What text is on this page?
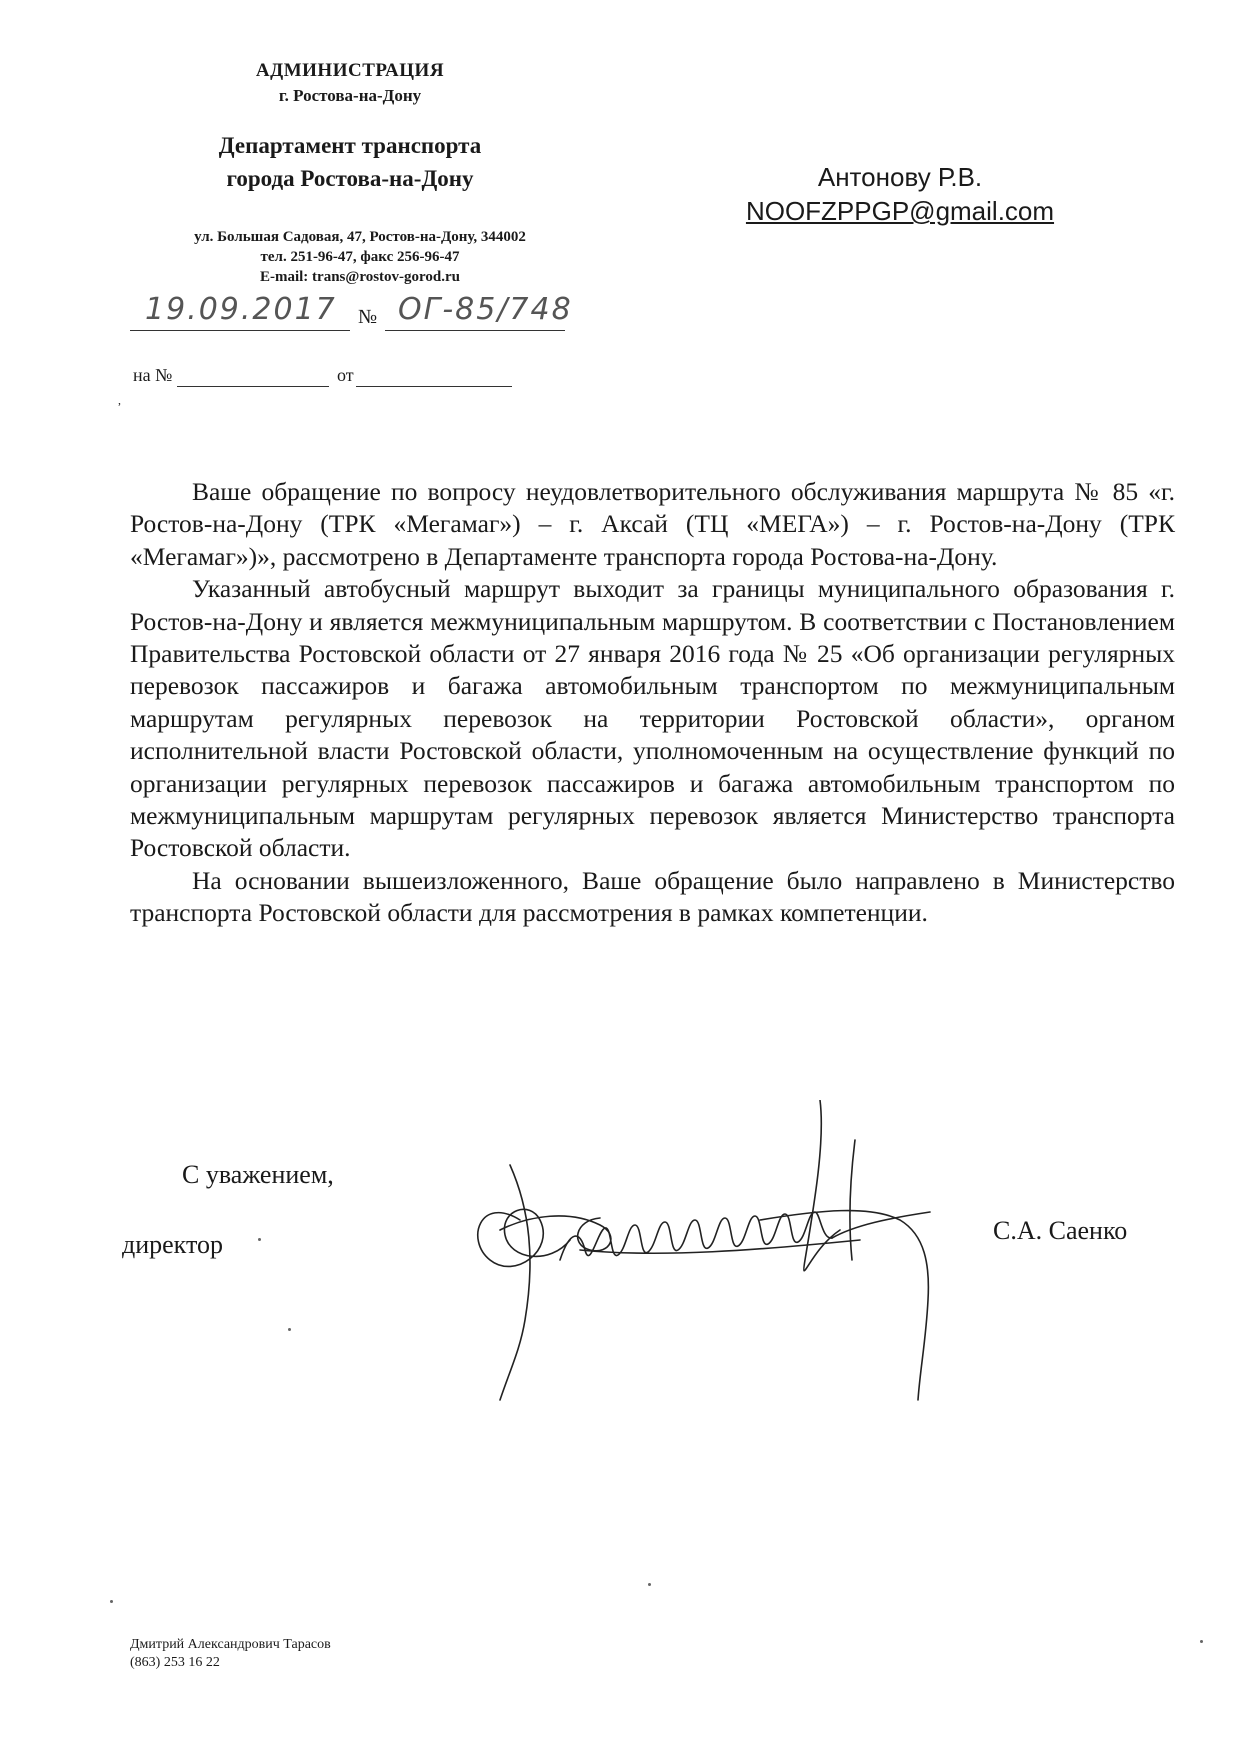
АДМИНИСТРАЦИЯ
г. Ростова-на-Дону
Департамент транспорта
города Ростова-на-Дону
ул. Большая Садовая, 47, Ростов-на-Дону, 344002
тел. 251-96-47, факс 256-96-47
E-mail: trans@rostov-gorod.ru
19.09.2017 № ОГ-85/748
на №	от
,
Антонову Р.В.
NOOFZPPGP@gmail.com

Ваше обращение по вопросу неудовлетворительного обслуживания маршрута № 85 «г. Ростов-на-Дону (ТРК «Мегамаг») – г. Аксай (ТЦ «МЕГА») – г. Ростов-на-Дону (ТРК «Мегамаг»)», рассмотрено в Департаменте транспорта города Ростова-на-Дону.

Указанный автобусный маршрут выходит за границы муниципального образования г. Ростов-на-Дону и является межмуниципальным маршрутом. В соответствии с Постановлением Правительства Ростовской области от 27 января 2016 года № 25 «Об организации регулярных перевозок пассажиров и багажа автомобильным транспортом по межмуниципальным маршрутам регулярных перевозок на территории Ростовской области», органом исполнительной власти Ростовской области, уполномоченным на осуществление функций по организации регулярных перевозок пассажиров и багажа автомобильным транспортом по межмуниципальным маршрутам регулярных перевозок является Министерство транспорта Ростовской области.

На основании вышеизложенного, Ваше обращение было направлено в Министерство транспорта Ростовской области для рассмотрения в рамках компетенции.

С уважением,
директор	С.А. Саенко
Дмитрий Александрович Тарасов
(863) 253 16 22
